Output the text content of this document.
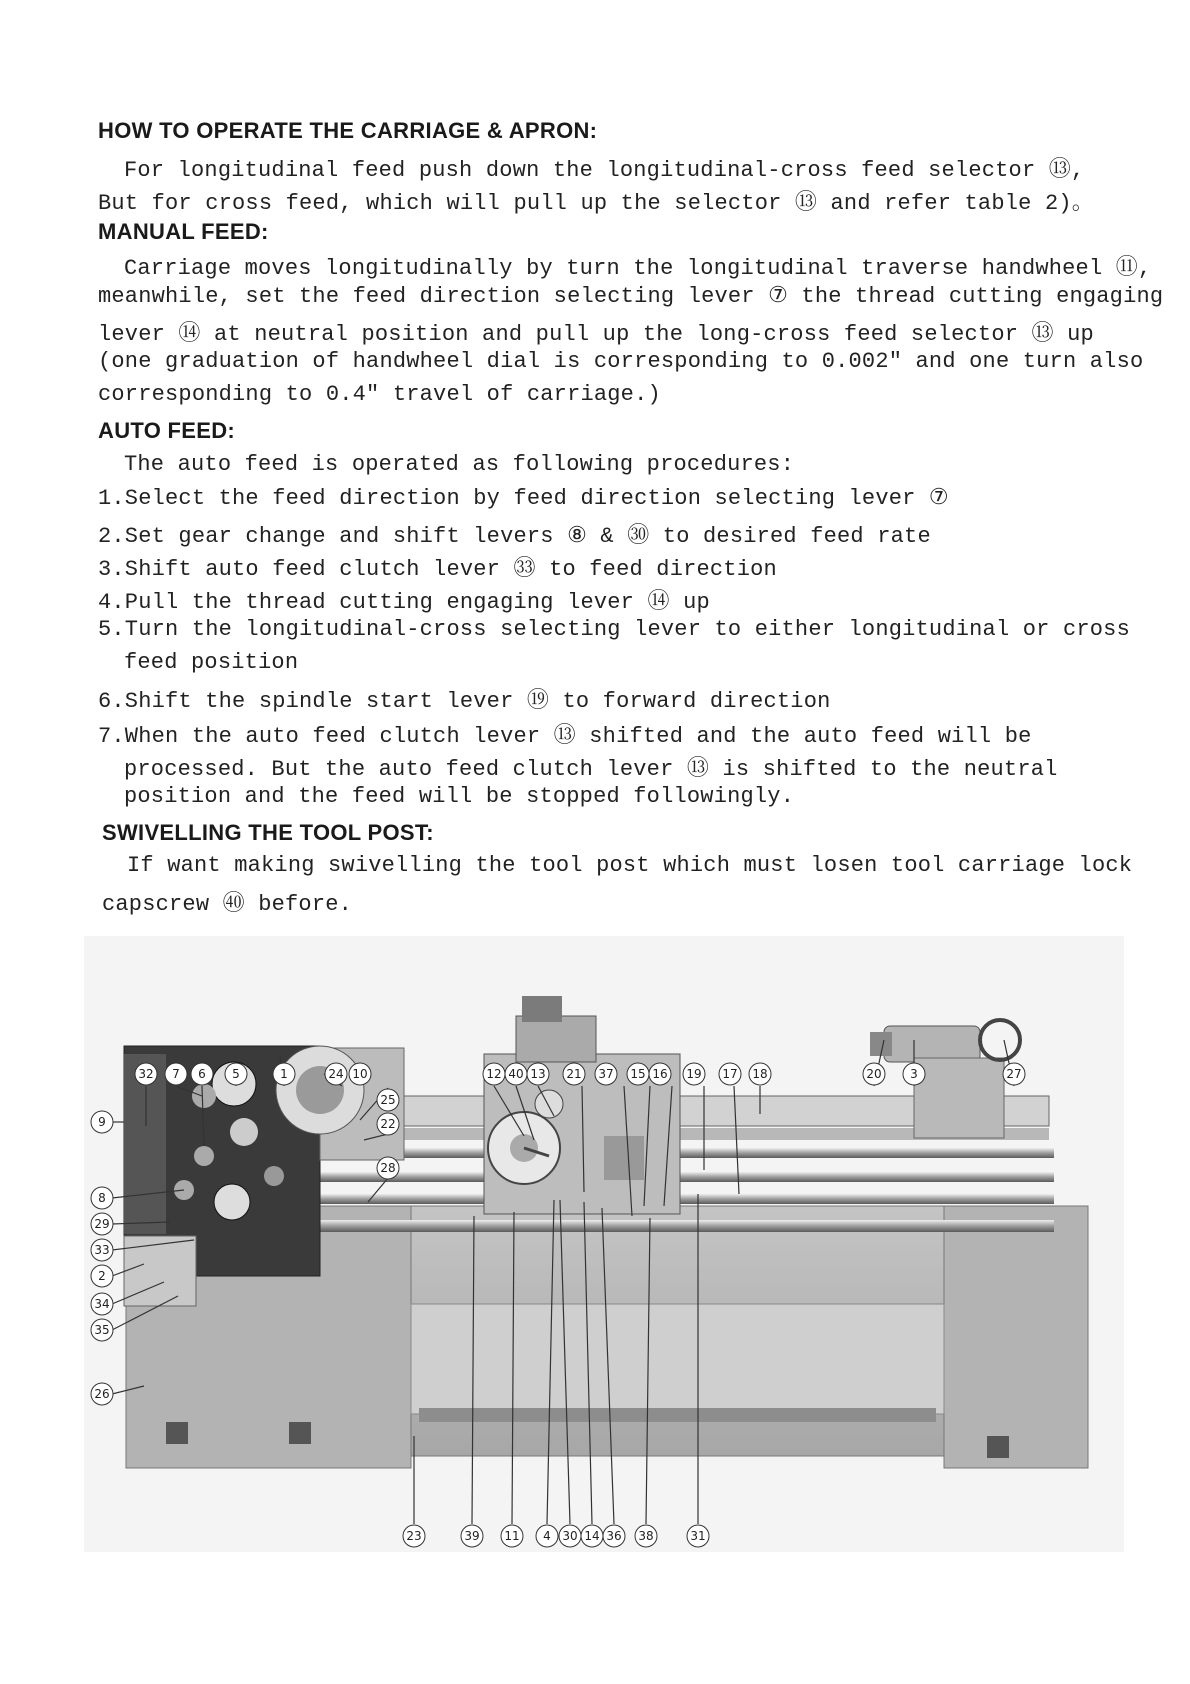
HOW TO OPERATE THE CARRIAGE & APRON:
For longitudinal feed push down the longitudinal-cross feed selector ⑬,
But for cross feed, which will pull up the selector ⑬ and refer table 2)。
MANUAL FEED:
Carriage moves longitudinally by turn the longitudinal traverse handwheel ⑪,
meanwhile, set the feed direction selecting lever ⑦ the thread cutting engaging
lever ⑭ at neutral position and pull up the long-cross feed selector ⑬ up
(one graduation of handwheel dial is corresponding to 0.002" and one turn also
corresponding to 0.4" travel of carriage.)
AUTO FEED:
The auto feed is operated as following procedures:
1.Select the feed direction by feed direction selecting lever ⑦
2.Set gear change and shift levers ⑧ & ㉚ to desired feed rate
3.Shift auto feed clutch lever ㉝ to feed direction
4.Pull the thread cutting engaging lever ⑭ up
5.Turn the longitudinal-cross selecting lever to either longitudinal or cross
feed position
6.Shift the spindle start lever ⑲ to forward direction
7.When the auto feed clutch lever ⑬ shifted and the auto feed will be
processed. But the auto feed clutch lever ⑬ is shifted to the neutral
position and the feed will be stopped followingly.
SWIVELLING THE TOOL POST:
If want making swivelling the tool post which must losen tool carriage lock
capscrew ㊵ before.
32 7 6 5	1	24 10	12 40 13 21 37 15 16 19 17 18	20 3	27
25
22
28
9
8
29
33
2
34
35
26
23	39 11 4 30 14 36 38	31
